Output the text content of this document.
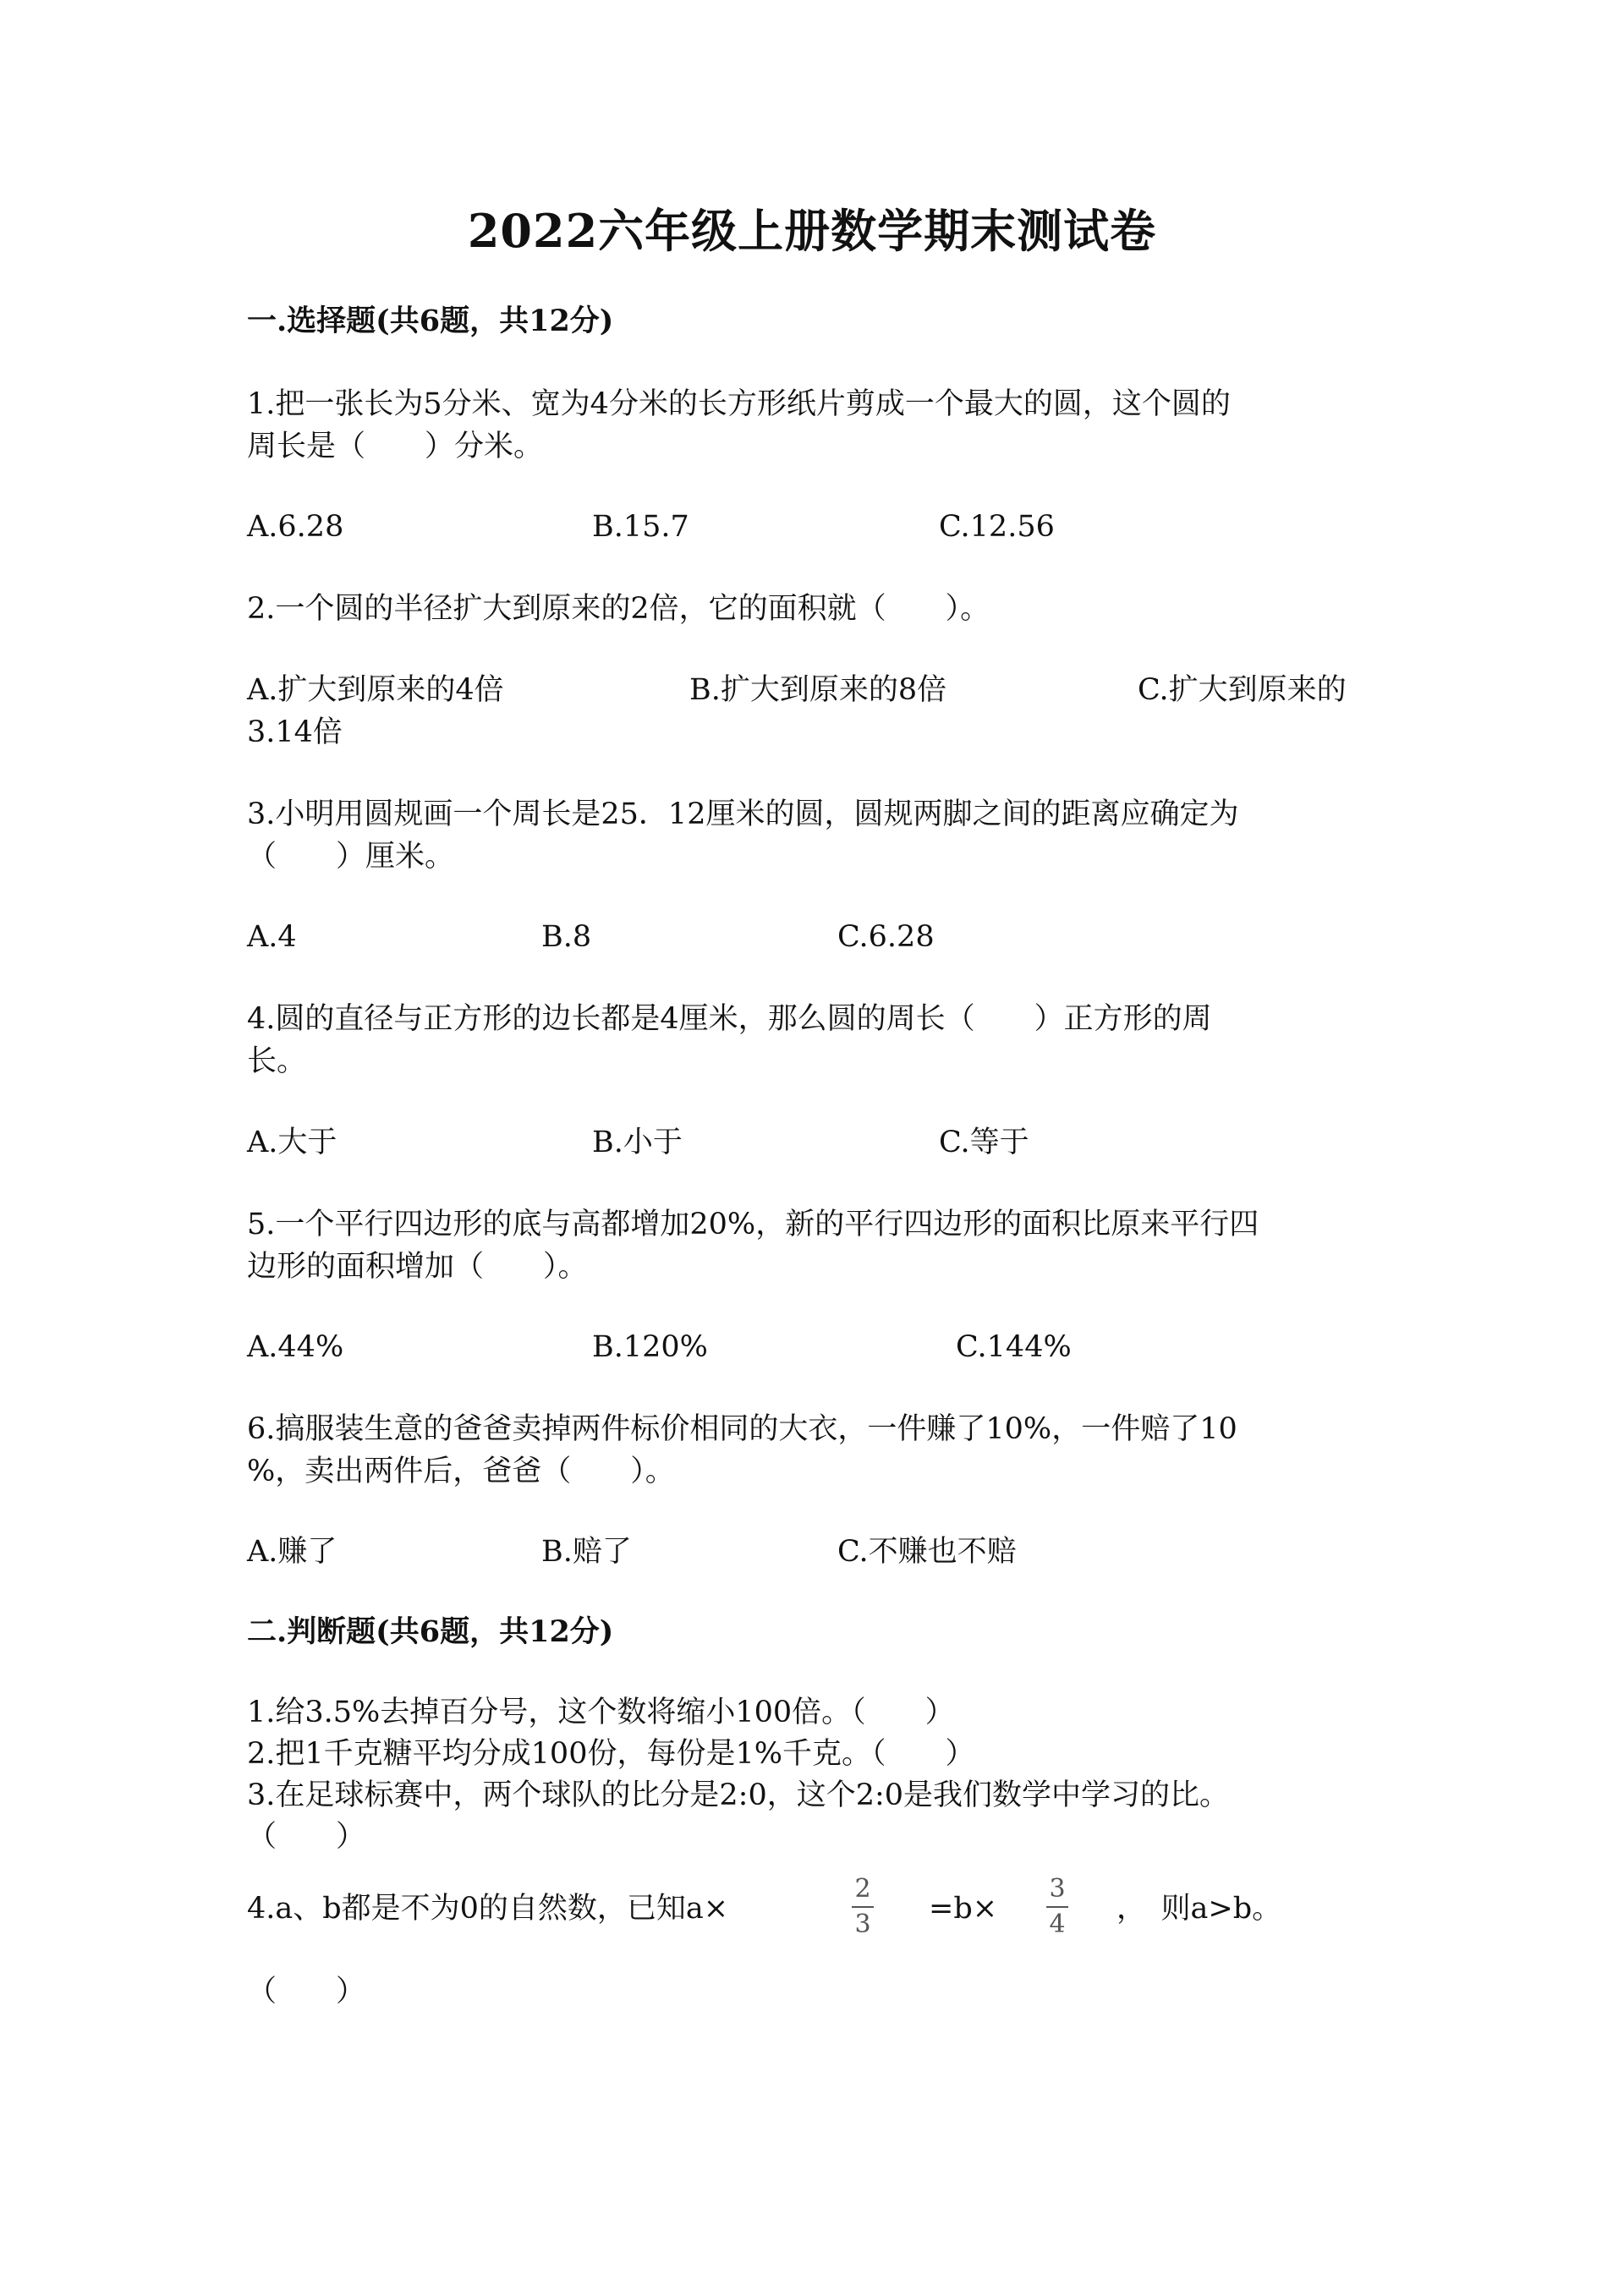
2022六年级上册数学期末测试卷
一.选择题(共6题，共12分)
1.把一张长为5分米、宽为4分米的长方形纸片剪成一个最大的圆，这个圆的
周长是（　　）分米。
A.6.28	B.15.7	C.12.56
2.一个圆的半径扩大到原来的2倍，它的面积就（　　）。
A.扩大到原来的4倍	B.扩大到原来的8倍	C.扩大到原来的
3.14倍
3.小明用圆规画一个周长是25．12厘米的圆，圆规两脚之间的距离应确定为
（　　）厘米。
A.4	B.8	C.6.28
4.圆的直径与正方形的边长都是4厘米，那么圆的周长（　　）正方形的周
长。
A.大于	B.小于	C.等于
5.一个平行四边形的底与高都增加20%，新的平行四边形的面积比原来平行四
边形的面积增加（　　）。
A.44%	B.120%	C.144%
6.搞服装生意的爸爸卖掉两件标价相同的大衣，一件赚了10%，一件赔了10
%，卖出两件后，爸爸（　　）。
A.赚了	B.赔了	C.不赚也不赔
二.判断题(共6题，共12分)
1.给3.5%去掉百分号，这个数将缩小100倍。（　　）
2.把1千克糖平均分成100份，每份是1%千克。（　　）
3.在足球标赛中，两个球队的比分是2:0，这个2:0是我们数学中学习的比。
（　　）
4.a、b都是不为0的自然数，已知a×
2
3 =b×
3
4 ，　则a>b。
（　　）
